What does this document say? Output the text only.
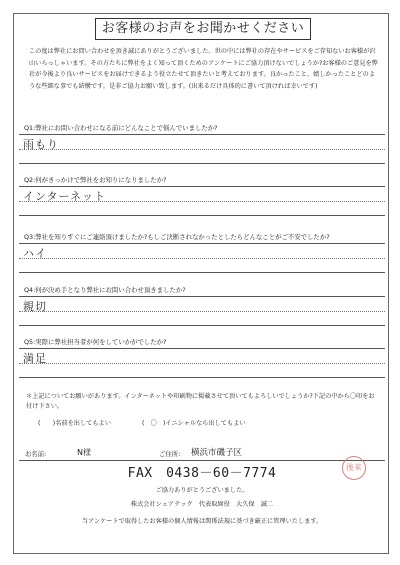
お客様のお声をお聞かせください

この度は弊社にお問い合わせを頂き誠にありがとうございました。世の中には弊社の存在やサービスをご存知ないお客様が沢山いらっしゃいます。その方たちに弊社をよく知って頂くためのアンケートにご協力頂けないでしょうか?お客様のご意見を弊社が今後より良いサービスをお届けできるよう役立たせて頂きたいと考えております。良かったこと、嬉しかったことどのような些細な事でも結構です。是非ご協力お願い致します。(出来るだけ具体的に書いて頂ければ幸いです)

Q1:弊社にお問い合わせになる前にどんなことで悩んでいましたか?
雨もり
Q2:何がきっかけで弊社をお知りになりましたか?
インターネット
Q3:弊社を知りすぐにご連絡頂けましたか?もしご決断されなかったとしたらどんなことがご不安でしたか?
ハイ
Q4:何が決め手となり弊社にお問い合わせ頂きましたか?
親切
Q5:実際に弊社担当者が何をしていかがでしたか?
満足
＊上記についてお願いがあります。インターネットや印刷物に掲載させて頂いてもよろしいでしょうか?下記の中から〇印をお付け下さい。
(　　)名前を出してもよい	(　〇　)イニシャルなら出してもよい
お名前:	N様	ご住所: 横浜市磯子区
FAX　0438－60－7774
ご協力ありがとうございました。
株式会社シェアテック　代表取締役　大久保　誠二
当アンケートで取得したお客様の個人情報は関係法規に基づき厳正に管理いたします。
後来
